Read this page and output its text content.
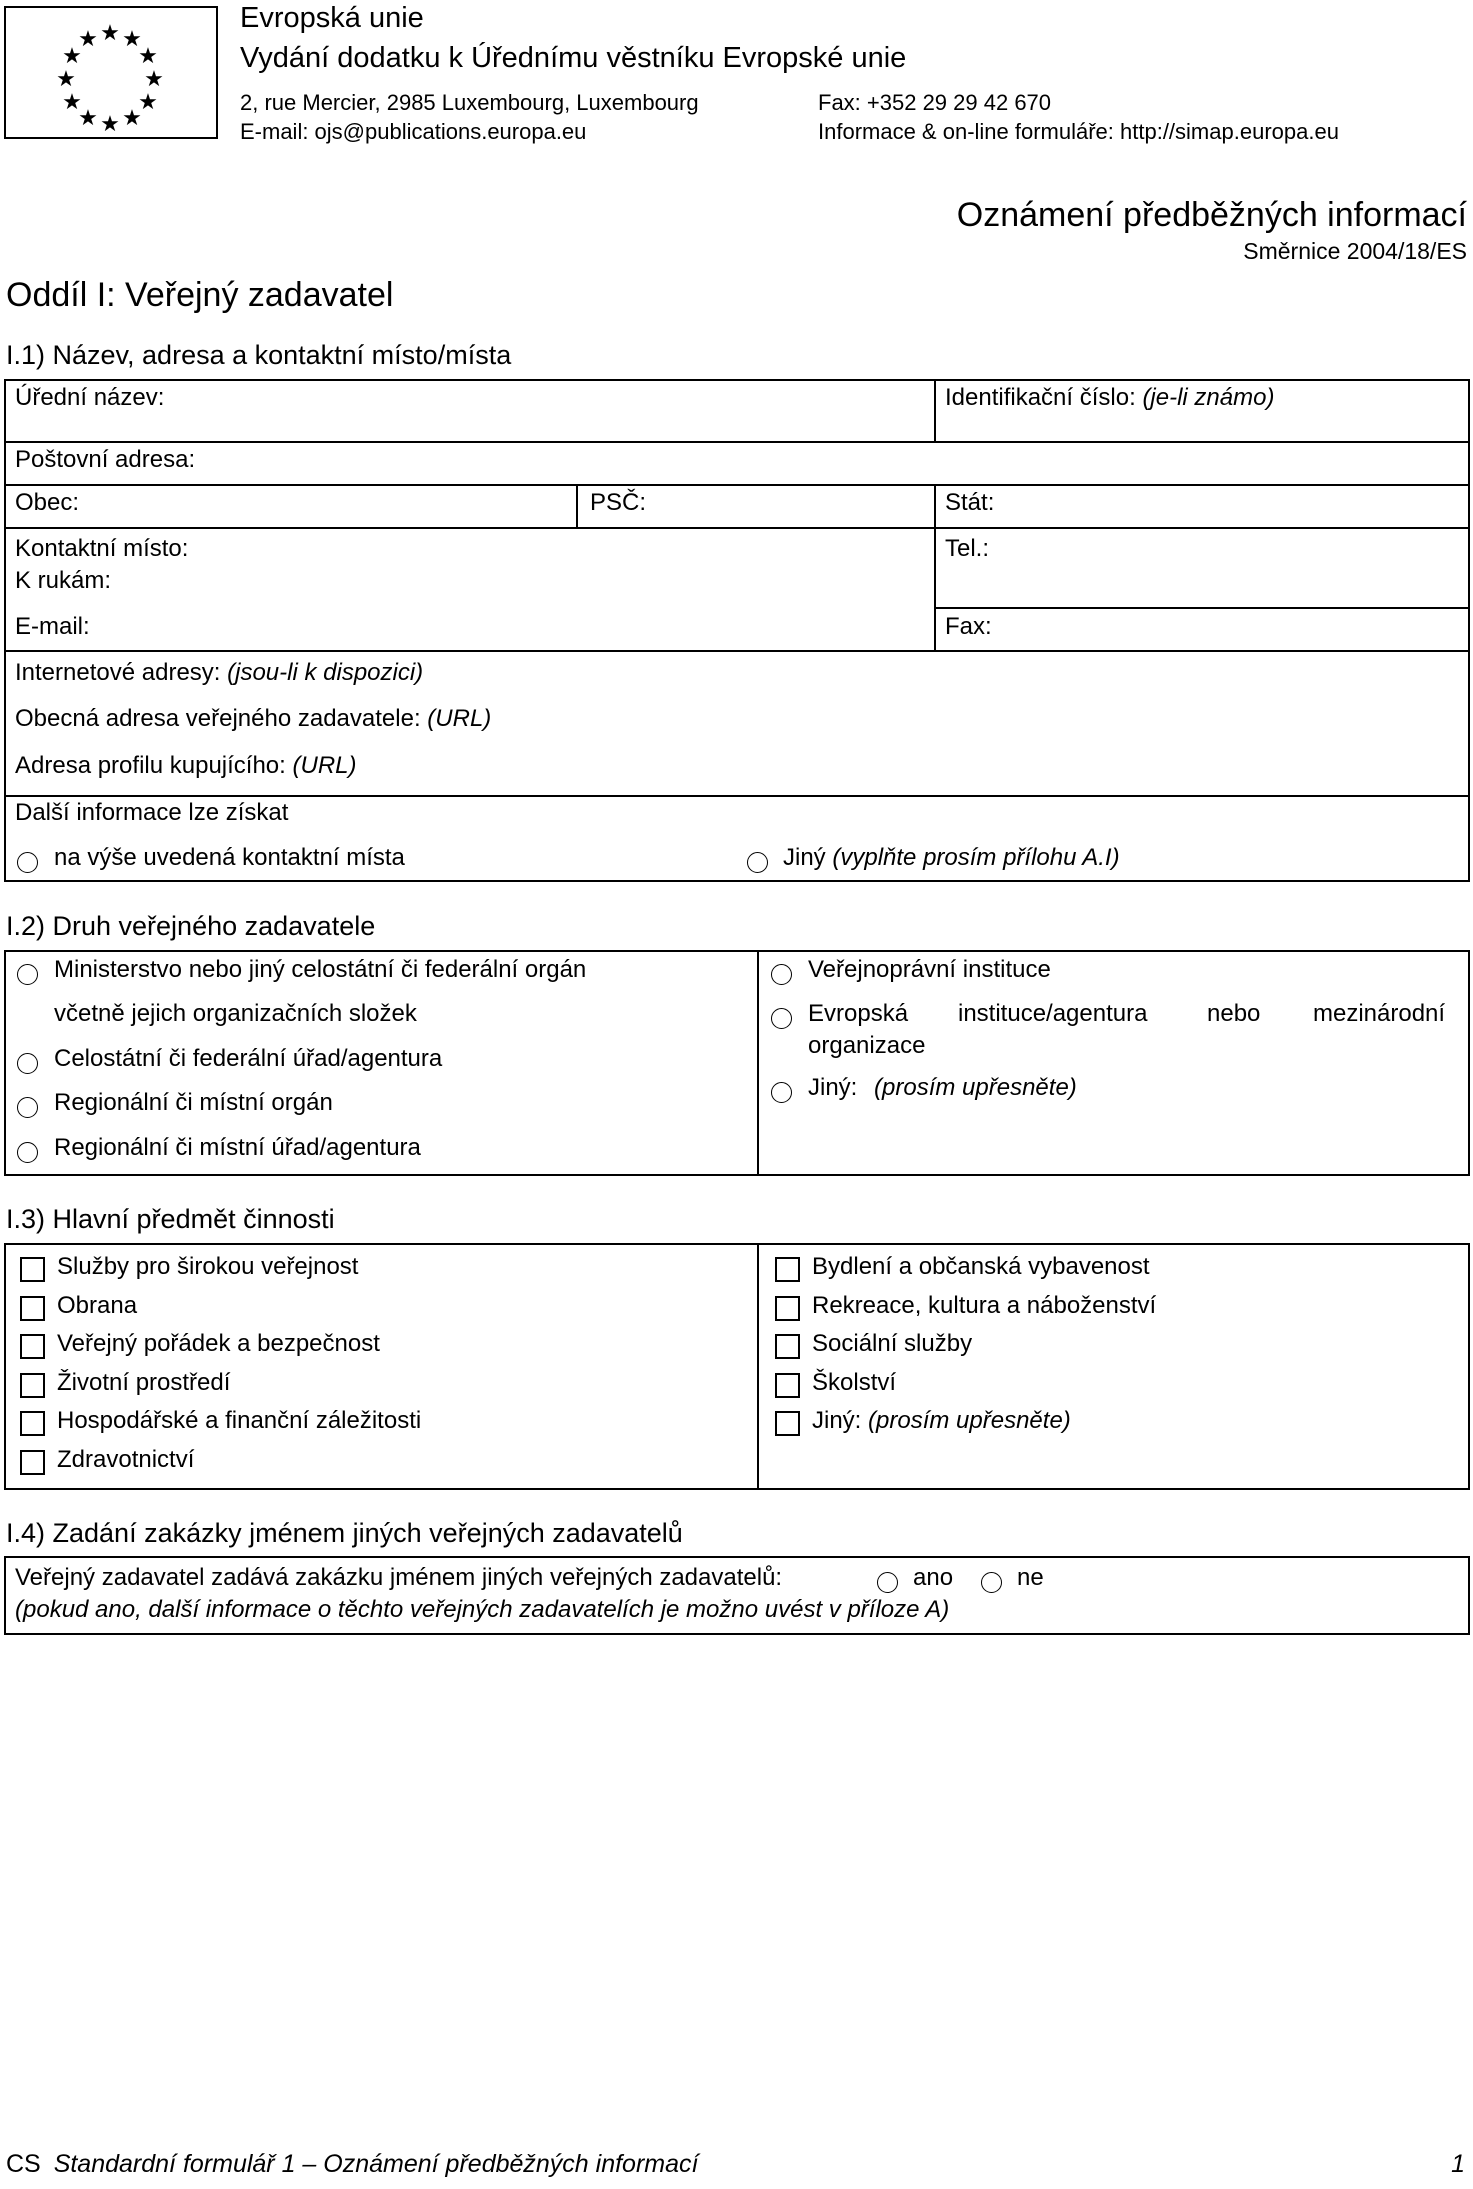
★ ★
★
★
★
★
★
★
★
★
★
★
Evropská unie
Vydání dodatku k Úřednímu věstníku Evropské unie
2, rue Mercier, 2985 Luxembourg, Luxembourg
E-mail: ojs@publications.europa.eu
Fax: +352 29 29 42 670
Informace & on-line formuláře: http://simap.europa.eu
Oznámení předběžných informací
Směrnice 2004/18/ES
Oddíl I: Veřejný zadavatel
I.1) Název, adresa a kontaktní místo/místa
Úřední název:	Identifikační číslo: (je-li známo)
Poštovní adresa:
Obec:	PSČ:	Stát:
Kontaktní místo:
K rukám:
Tel.:
E-mail:	Fax:
Internetové adresy: (jsou-li k dispozici)
Obecná adresa veřejného zadavatele: (URL)
Adresa profilu kupujícího: (URL)
Další informace lze získat
na výše uvedená kontaktní místa	Jiný (vyplňte prosím přílohu A.I)
I.2) Druh veřejného zadavatele
Ministerstvo nebo jiný celostátní či federální orgán
včetně jejich organizačních složek
Celostátní či federální úřad/agentura
Regionální či místní orgán
Regionální či místní úřad/agentura
Veřejnoprávní instituce
Evropská instituce/agentura nebo mezinárodní
organizace
Jiný: (prosím upřesněte)
I.3) Hlavní předmět činnosti
Služby pro širokou veřejnost
Obrana
Veřejný pořádek a bezpečnost
Životní prostředí
Hospodářské a finanční záležitosti
Zdravotnictví
Bydlení a občanská vybavenost
Rekreace, kultura a náboženství
Sociální služby
Školství
Jiný: (prosím upřesněte)
I.4) Zadání zakázky jménem jiných veřejných zadavatelů
Veřejný zadavatel zadává zakázku jménem jiných veřejných zadavatelů:	ano	ne
(pokud ano, další informace o těchto veřejných zadavatelích je možno uvést v příloze A)
CS Standardní formulář 1 – Oznámení předběžných informací	1
